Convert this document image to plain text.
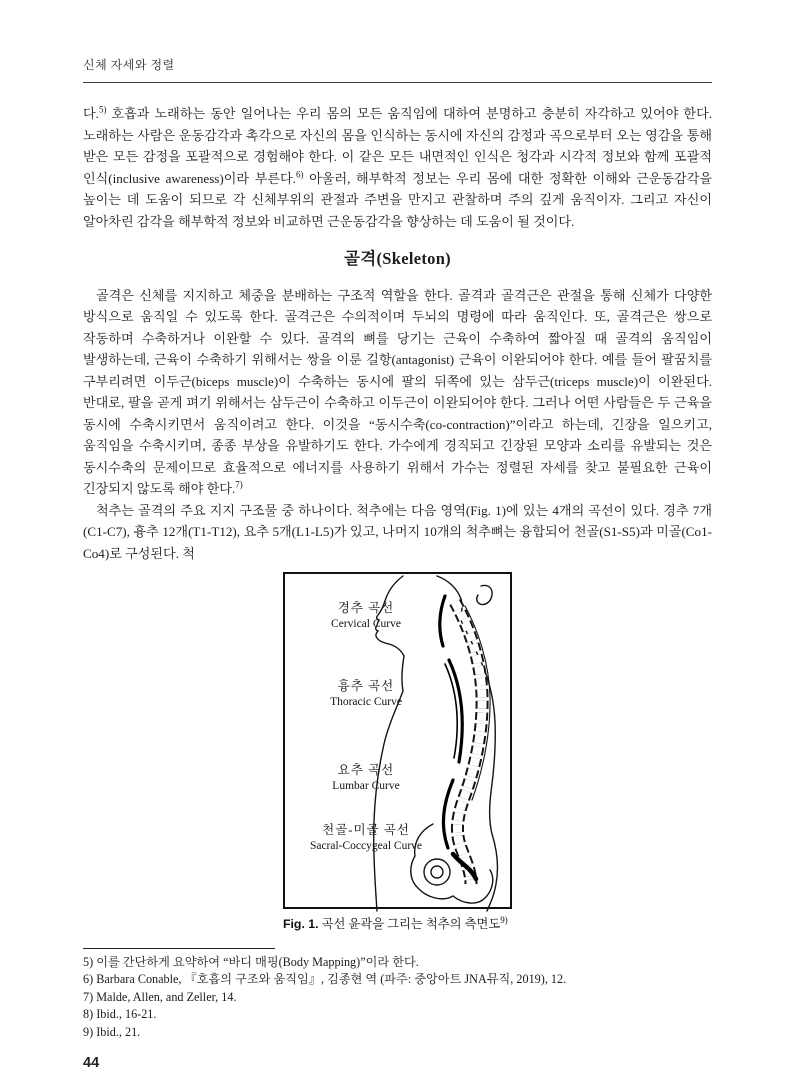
신체 자세와 정렬

다.$^{5)}$ 호흡과 노래하는 동안 일어나는 우리 몸의 모든 움직임에 대하여 분명하고 충분히 자각하고 있어야 한다. 노래하는 사람은 운동감각과 촉각으로 자신의 몸을 인식하는 동시에 자신의 감정과 곡으로부터 오는 영감을 통해 받은 모든 감정을 포괄적으로 경험해야 한다. 이 같은 모든 내면적인 인식은 청각과 시각적 정보와 함께 포괄적 인식(inclusive awareness)이라 부른다.$^{6)}$ 아울러, 해부학적 정보는 우리 몸에 대한 정확한 이해와 근운동감각을 높이는 데 도움이 되므로 각 신체부위의 관절과 주변을 만지고 관찰하며 주의 깊게 움직이자. 그리고 자신이 알아차린 감각을 해부학적 정보와 비교하면 근운동감각을 향상하는 데 도움이 될 것이다.

골격(Skeleton)

골격은 신체를 지지하고 체중을 분배하는 구조적 역할을 한다. 골격과 골격근은 관절을 통해 신체가 다양한 방식으로 움직일 수 있도록 한다. 골격근은 수의적이며 두뇌의 명령에 따라 움직인다. 또, 골격근은 쌍으로 작동하며 수축하거나 이완할 수 있다. 골격의 뼈를 당기는 근육이 수축하여 짧아질 때 골격의 움직임이 발생하는데, 근육이 수축하기 위해서는 쌍을 이룬 길항(antagonist) 근육이 이완되어야 한다. 예를 들어 팔꿈치를 구부리려면 이두근(biceps muscle)이 수축하는 동시에 팔의 뒤쪽에 있는 삼두근(triceps muscle)이 이완된다. 반대로, 팔을 곧게 펴기 위해서는 삼두근이 수축하고 이두근이 이완되어야 한다. 그러나 어떤 사람들은 두 근육을 동시에 수축시키면서 움직이려고 한다. 이것을 “동시수축(co-contraction)”이라고 하는데, 긴장을 일으키고, 움직임을 수축시키며, 종종 부상을 유발하기도 한다. 가수에게 경직되고 긴장된 모양과 소리를 유발되는 것은 동시수축의 문제이므로 효율적으로 에너지를 사용하기 위해서 가수는 정렬된 자세를 찾고 불필요한 근육이 긴장되지 않도록 해야 한다.$^{7)}$

척추는 골격의 주요 지지 구조물 중 하나이다. 척추에는 다음 영역(Fig. 1)에 있는 4개의 곡선이 있다. 경추 7개(C1-C7), 흉추 12개(T1-T12), 요추 5개(L1-L5)가 있고, 나머지 10개의 척추뼈는 융합되어 천골(S1-S5)과 미골(Co1-Co4)로 구성된다. 척

경추 곡선
Cervical Curve
흉추 곡선
Thoracic Curve
요추 곡선
Lumbar Curve
천골-미골 곡선
Sacral-Coccygeal Curve
Fig. 1. 곡선 윤곽을 그리는 척추의 측면도$^{9)}$
5) 이를 간단하게 요약하여 “바디 매핑(Body Mapping)”이라 한다.
6) Barbara Conable, 『호흡의 구조와 움직임』, 김종현 역 (파주: 중앙아트 JNA뮤직, 2019), 12.
7) Malde, Allen, and Zeller, 14.
8) Ibid., 16-21.
9) Ibid., 21.
44
